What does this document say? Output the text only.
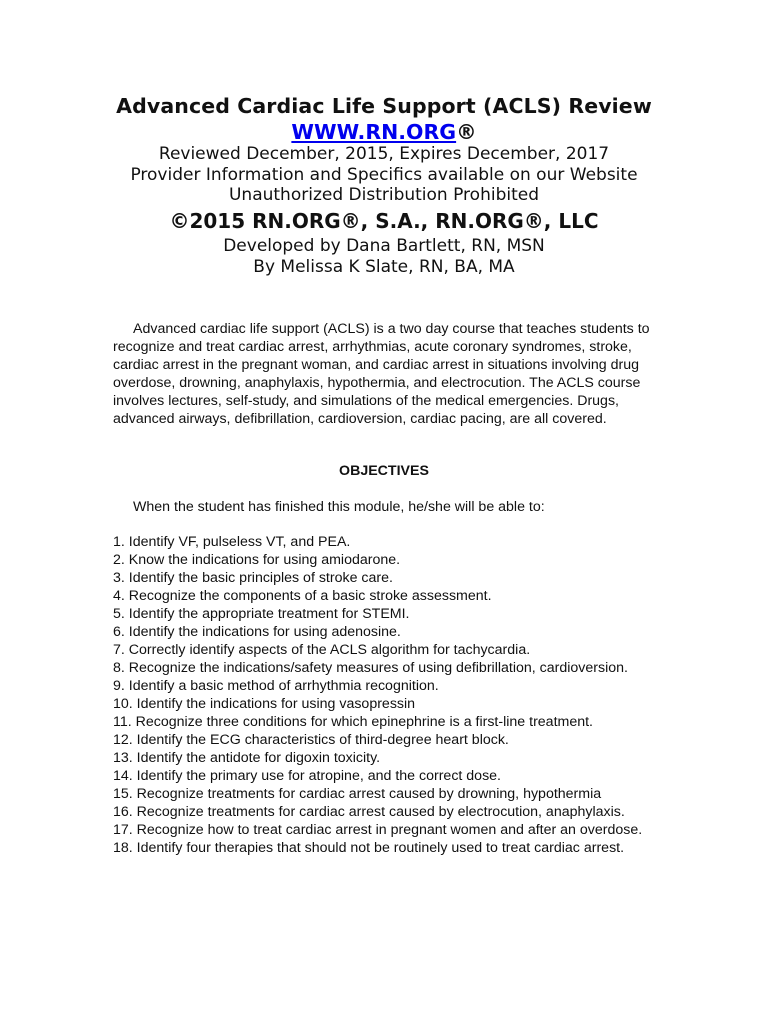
Advanced Cardiac Life Support (ACLS) Review
WWW.RN.ORG®
Reviewed December, 2015, Expires December, 2017
Provider Information and Specifics available on our Website
Unauthorized Distribution Prohibited
©2015 RN.ORG®, S.A., RN.ORG®, LLC
Developed by Dana Bartlett, RN, MSN
By Melissa K Slate, RN, BA, MA

Advanced cardiac life support (ACLS) is a two day course that teaches students to recognize and treat cardiac arrest, arrhythmias, acute coronary syndromes, stroke, cardiac arrest in the pregnant woman, and cardiac arrest in situations involving drug overdose, drowning, anaphylaxis, hypothermia, and electrocution. The ACLS course involves lectures, self-study, and simulations of the medical emergencies. Drugs, advanced airways, defibrillation, cardioversion, cardiac pacing, are all covered.

OBJECTIVES
When the student has finished this module, he/she will be able to:
1. Identify VF, pulseless VT, and PEA.
2. Know the indications for using amiodarone.
3. Identify the basic principles of stroke care.
4. Recognize the components of a basic stroke assessment.
5. Identify the appropriate treatment for STEMI.
6. Identify the indications for using adenosine.
7. Correctly identify aspects of the ACLS algorithm for tachycardia.
8. Recognize the indications/safety measures of using defibrillation, cardioversion.
9. Identify a basic method of arrhythmia recognition.
10. Identify the indications for using vasopressin
11. Recognize three conditions for which epinephrine is a first-line treatment.
12. Identify the ECG characteristics of third-degree heart block.
13. Identify the antidote for digoxin toxicity.
14. Identify the primary use for atropine, and the correct dose.
15. Recognize treatments for cardiac arrest caused by drowning, hypothermia
16. Recognize treatments for cardiac arrest caused by electrocution, anaphylaxis.
17. Recognize how to treat cardiac arrest in pregnant women and after an overdose.
18. Identify four therapies that should not be routinely used to treat cardiac arrest.
